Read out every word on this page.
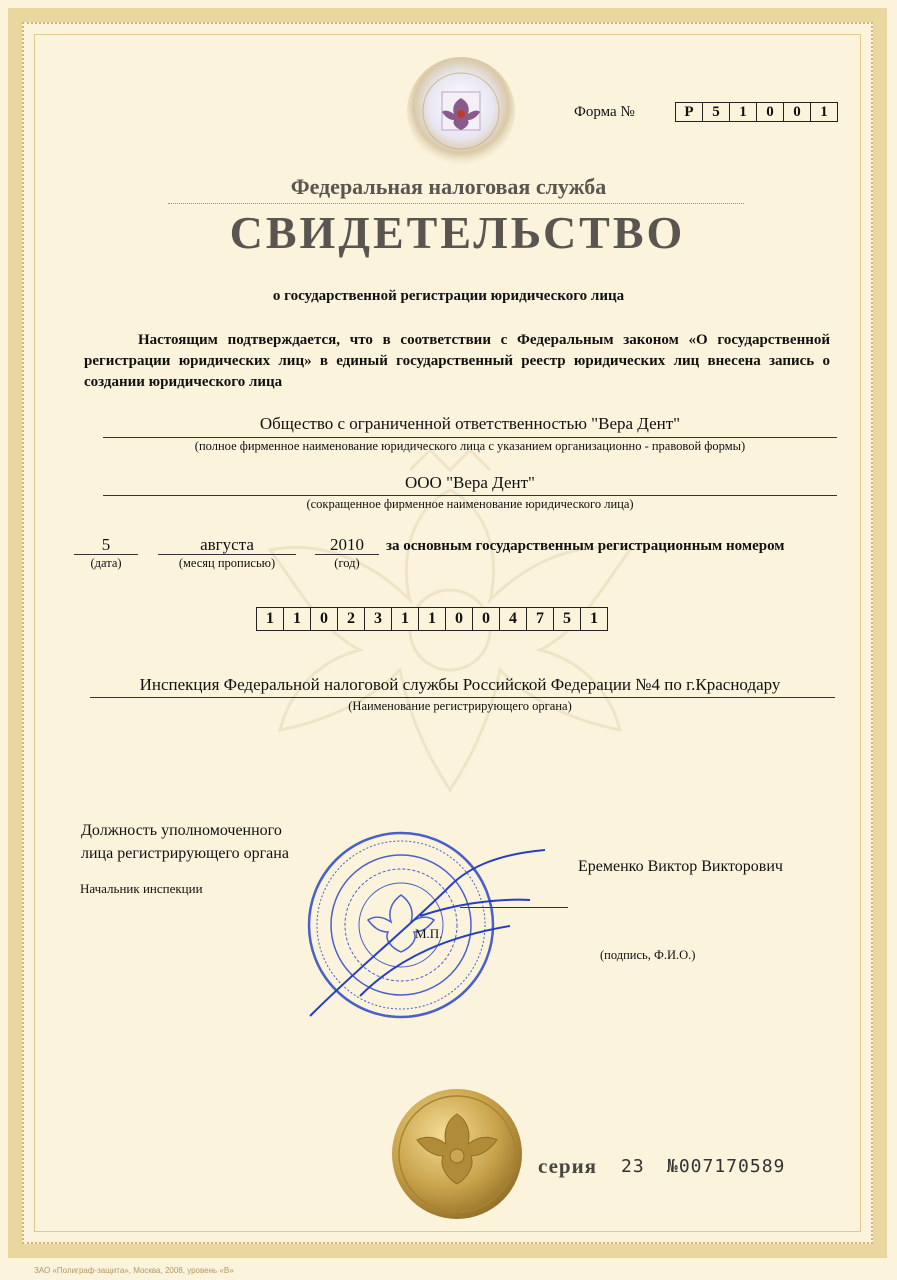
Форма №	Р	5	1	0	0	1
Федеральная налоговая служба
СВИДЕТЕЛЬСТВО
о государственной регистрации юридического лица
Настоящим подтверждается, что в соответствии с Федеральным законом «О государственной регистрации юридических лиц» в единый государственный реестр юридических лиц внесена запись о создании юридического лица
Общество с ограниченной ответственностью "Вера Дент"
(полное фирменное наименование юридического лица с указанием организационно - правовой формы)
ООО "Вера Дент"
(сокращенное фирменное наименование юридического лица)
5
(дата)
августа
(месяц прописью)
2010
(год)
за основным государственным регистрационным номером
1	1	0	2	3	1	1	0	0	4	7	5	1
Инспекция Федеральной налоговой службы Российской Федерации №4 по г.Краснодару
(Наименование регистрирующего органа)
Должность уполномоченного
лица регистрирующего органа
Начальник инспекции
Еременко Виктор Викторович
(подпись, Ф.И.О.)
М.П.
серия 23 №007170589
ЗАО «Полиграф-защита», Москва, 2008, уровень «В»
